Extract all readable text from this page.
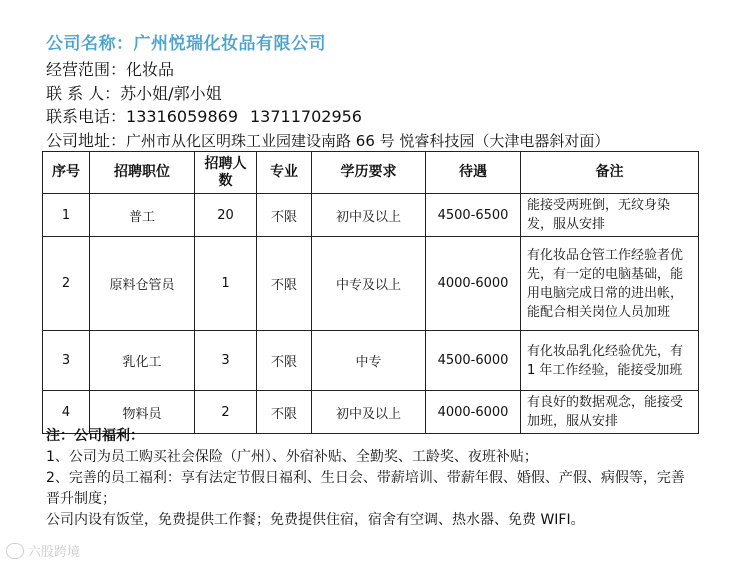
公司名称：广州悦瑞化妆品有限公司
经营范围：化妆品
联 系 人：苏小姐/郭小姐
联系电话：13316059869 13711702956
公司地址：广州市从化区明珠工业园建设南路 66 号 悦睿科技园（大津电器斜对面）
序号	招聘职位	招聘人数	专业	学历要求	待遇	备注
1	普工	20	不限	初中及以上	4500-6500	能接受两班倒，无纹身染发，服从安排
2	原料仓管员	1	不限	中专及以上	4000-6000	有化妆品仓管工作经验者优先，有一定的电脑基础，能用电脑完成日常的进出帐，能配合相关岗位人员加班
3	乳化工	3	不限	中专	4500-6000	有化妆品乳化经验优先，有 1 年工作经验，能接受加班
4	物料员	2	不限	初中及以上	4000-6000	有良好的数据观念，能接受加班，服从安排
注：公司福利：
1、公司为员工购买社会保险（广州）、外宿补贴、全勤奖、工龄奖、夜班补贴；
2、完善的员工福利：享有法定节假日福利、生日会、带薪培训、带薪年假、婚假、产假、病假等，完善晋升制度；
公司内设有饭堂，免费提供工作餐；免费提供住宿，宿舍有空调、热水器、免费 WIFI。
六股跨境
